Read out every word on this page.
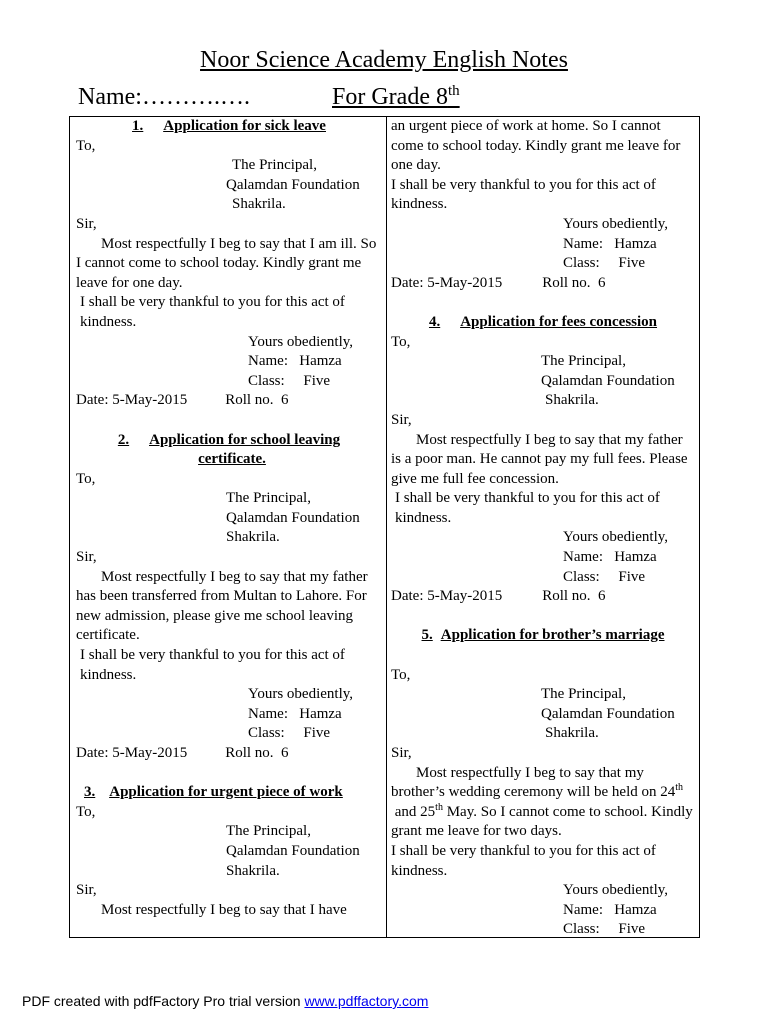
Noor Science Academy English Notes
Name:……….….	For Grade 8th
1. Application for sick leave
To,
The Principal,
Qalamdan Foundation
Shakrila.
Sir,
Most respectfully I beg to say that I am ill. So I cannot come to school today. Kindly grant me leave for one day.
I shall be very thankful to you for this act of kindness.
Yours obediently,
Name:   Hamza
Class:     Five
Date: 5-May-2015	Roll no.  6
2. Application for school leaving
certificate.
To,
The Principal,
Qalamdan Foundation
Shakrila.
Sir,
Most respectfully I beg to say that my father has been transferred from Multan to Lahore. For new admission, please give me school leaving certificate.
I shall be very thankful to you for this act of kindness.
Yours obediently,
Name:   Hamza
Class:     Five
Date: 5-May-2015	Roll no.  6
3. Application for urgent piece of work
To,
The Principal,
Qalamdan Foundation
Shakrila.
Sir,
Most respectfully I beg to say that I have
an urgent piece of work at home. So I cannot come to school today. Kindly grant me leave for one day.
I shall be very thankful to you for this act of kindness.
Yours obediently,
Name:   Hamza
Class:     Five
Date: 5-May-2015	Roll no.  6
4. Application for fees concession
To,
The Principal,
Qalamdan Foundation
Shakrila.
Sir,
Most respectfully I beg to say that my father is a poor man. He cannot pay my full fees. Please give me full fee concession.
I shall be very thankful to you for this act of kindness.
Yours obediently,
Name:   Hamza
Class:     Five
Date: 5-May-2015	Roll no.  6
5. Application for brother’s marriage
To,
The Principal,
Qalamdan Foundation
Shakrila.
Sir,
Most respectfully I beg to say that my brother’s wedding ceremony will be held on 24th and 25th May. So I cannot come to school. Kindly grant me leave for two days.
I shall be very thankful to you for this act of kindness.
Yours obediently,
Name:   Hamza
Class:     Five
PDF created with pdfFactory Pro trial version www.pdffactory.com
